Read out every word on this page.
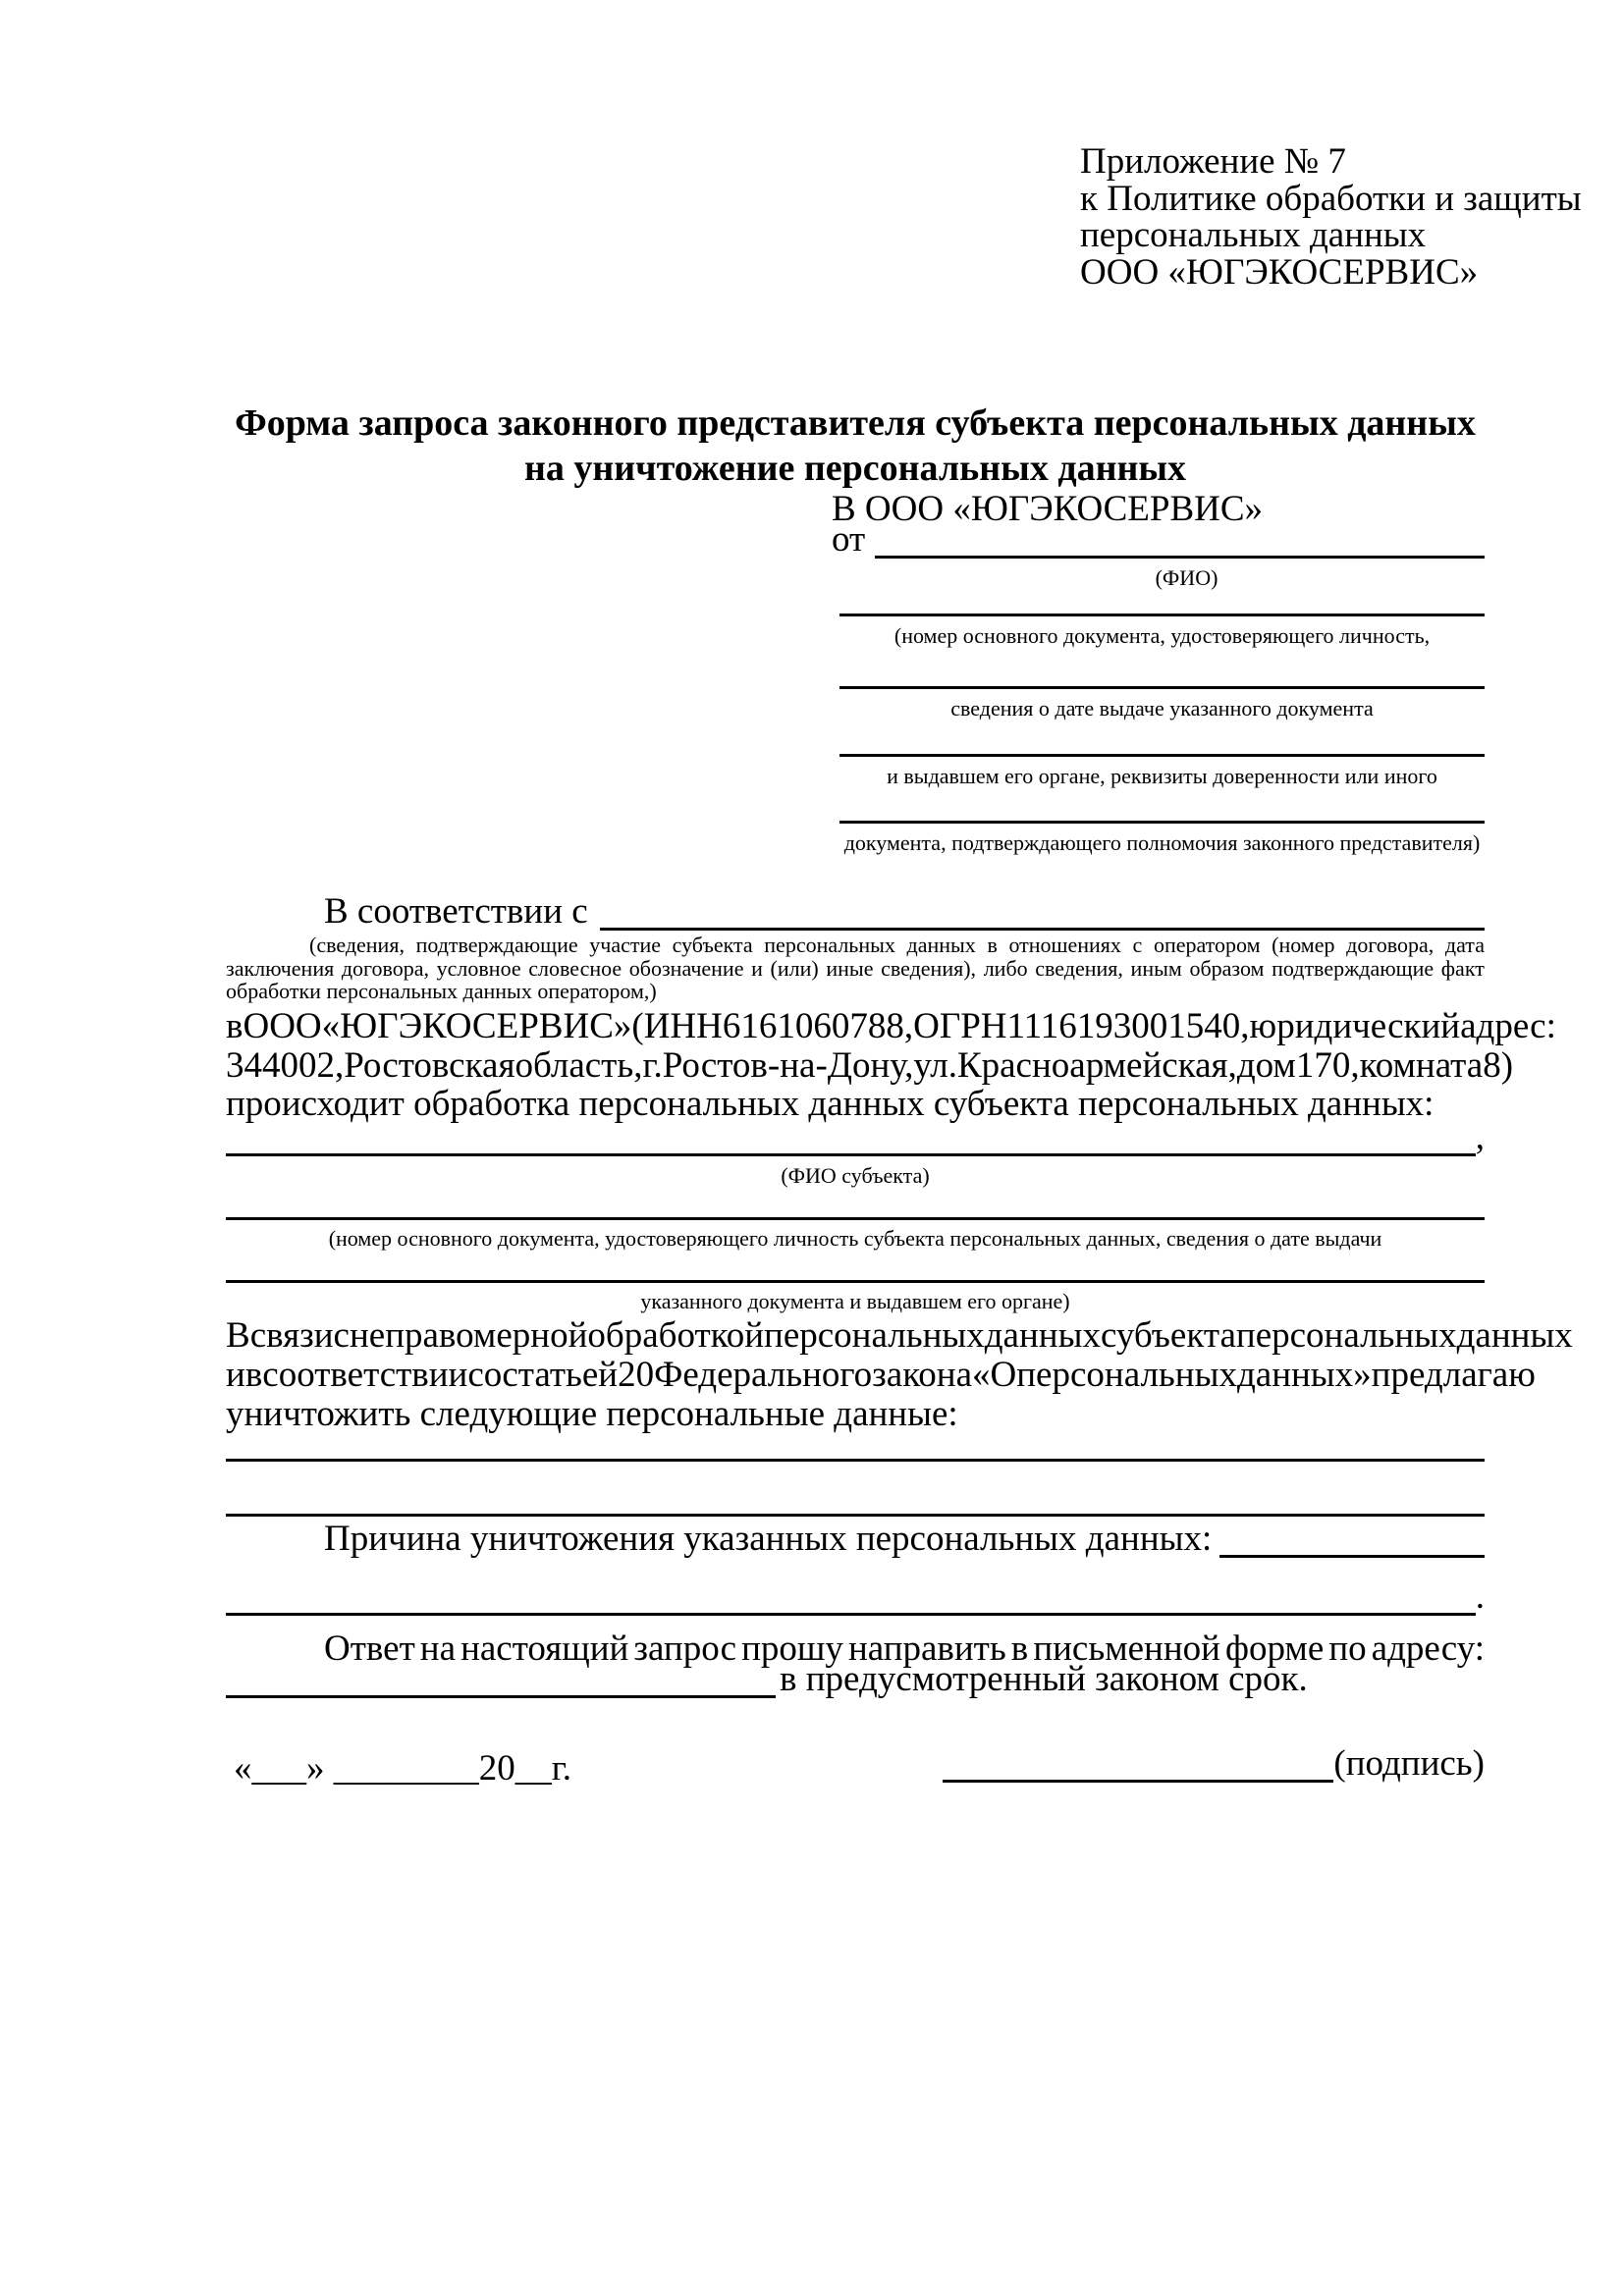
Приложение № 7
к Политике обработки и защиты
персональных данных
ООО «ЮГЭКОСЕРВИС»
Форма запроса законного представителя субъекта персональных данных
на уничтожение персональных данных
В ООО «ЮГЭКОСЕРВИС»
от
(ФИО)
(номер основного документа, удостоверяющего личность,
сведения о дате выдаче указанного документа
и выдавшем его органе, реквизиты доверенности или иного
документа, подтверждающего полномочия законного представителя)
В соответствии с
(сведения, подтверждающие участие субъекта персональных данных в отношениях с оператором (номер договора, дата
заключения договора, условное словесное обозначение и (или) иные сведения), либо сведения, иным образом подтверждающие факт
обработки персональных данных оператором,)
в ООО «ЮГЭКОСЕРВИС» (ИНН 6161060788, ОГРН 1116193001540, юридический адрес:
344002, Ростовская область, г. Ростов-на-Дону, ул. Красноармейская, дом 170, комната 8)
происходит обработка персональных данных субъекта персональных данных:
,
(ФИО субъекта)
(номер основного документа, удостоверяющего личность субъекта персональных данных, сведения о дате выдачи
указанного документа и выдавшем его органе)
В связи с неправомерной обработкой персональных данных субъекта персональных данных
и в соответствии со статьей 20 Федерального закона «О персональных данных» предлагаю
уничтожить следующие персональные данные:
Причина уничтожения указанных персональных данных:
.
Ответ на настоящий запрос прошу направить в письменной форме по адресу:
в предусмотренный законом срок.
«___» ________20__г.	(подпись)
